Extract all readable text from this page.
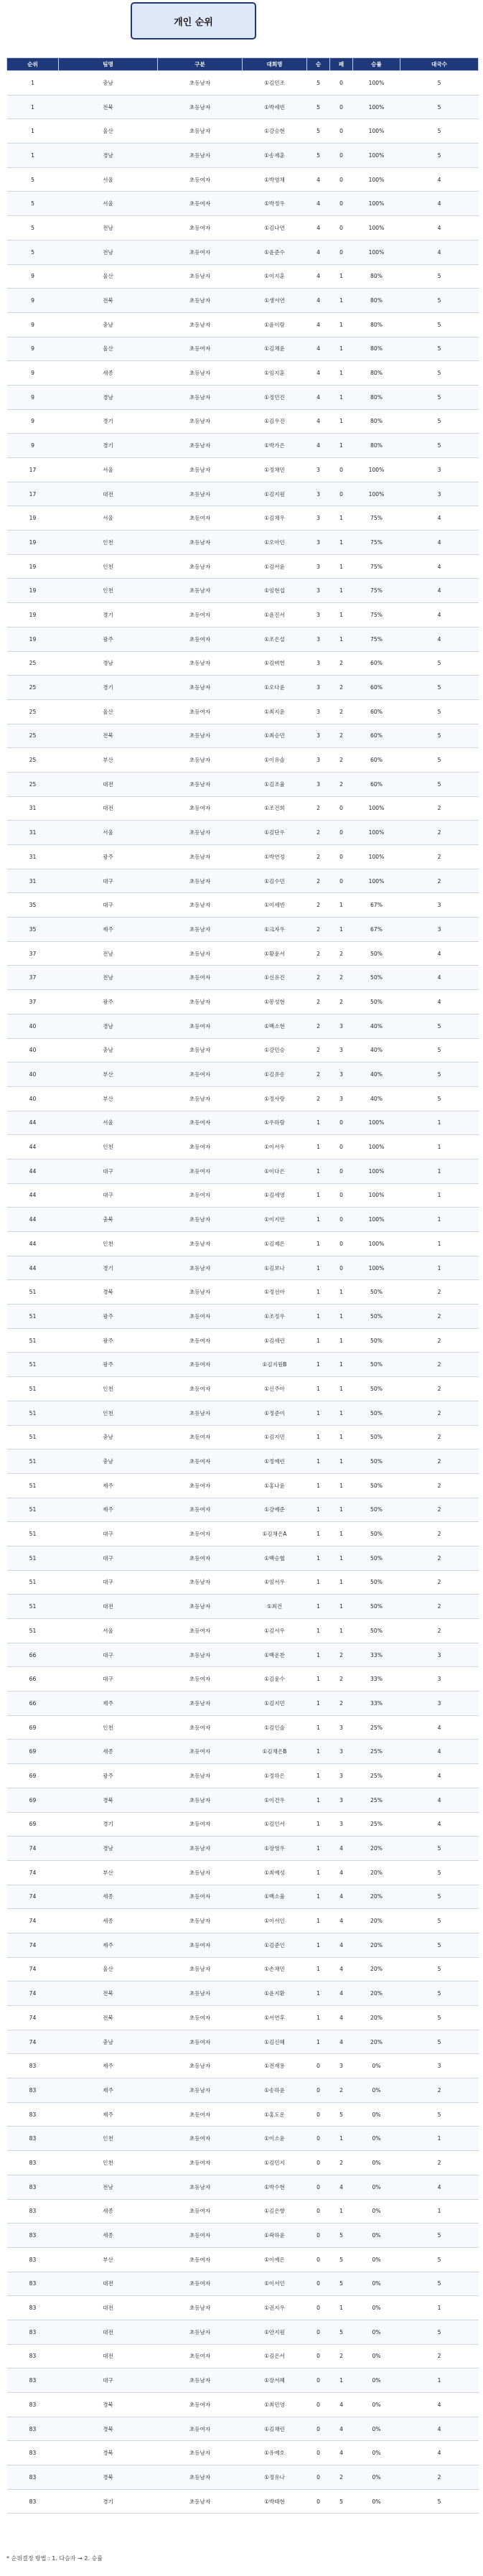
개인 순위
순위	팀명	구분	대회명	승	패	승률	대국수
1	충남	초등남자	①김민조	5	0	100%	5
1	전북	초등남자	①박세빈	5	0	100%	5
1	울산	초등남자	①강승현	5	0	100%	5
1	경남	초등남자	①송재훈	5	0	100%	5
5	서울	초등여자	①박영채	4	0	100%	4
5	서울	초등여자	①박정우	4	0	100%	4
5	전남	초등여자	①김나연	4	0	100%	4
5	전남	초등여자	①윤준수	4	0	100%	4
9	울산	초등남자	①이지훈	4	1	80%	5
9	전북	초등남자	①생서연	4	1	80%	5
9	충남	초등남자	①윤이람	4	1	80%	5
9	울산	초등여자	①김채윤	4	1	80%	5
9	세종	초등남자	①임지훈	4	1	80%	5
9	경남	초등남자	①정민진	4	1	80%	5
9	경기	초등남자	①김우진	4	1	80%	5
9	경기	초등남자	①박가은	4	1	80%	5
17	서울	초등남자	①정채민	3	0	100%	3
17	대전	초등남자	①김지원	3	0	100%	3
19	서울	초등여자	①김채우	3	1	75%	4
19	인천	초등남자	①오아인	3	1	75%	4
19	인천	초등남자	①김서윤	3	1	75%	4
19	인천	초등남자	①임현섭	3	1	75%	4
19	경기	초등여자	①윤진서	3	1	75%	4
19	광주	초등여자	①조은설	3	1	75%	4
25	경남	초등남자	①김벼헌	3	2	60%	5
25	경기	초등남자	①오다윤	3	2	60%	5
25	울산	초등여자	①최지윤	3	2	60%	5
25	전북	초등남자	①최승민	3	2	60%	5
25	부산	초등남자	①이유솔	3	2	60%	5
25	대전	초등남자	①김조율	3	2	60%	5
31	대전	초등여자	①조건희	2	0	100%	2
31	서울	초등남자	①김단우	2	0	100%	2
31	광주	초등남자	①박연정	2	0	100%	2
31	대구	초등남자	①김수민	2	0	100%	2
35	대구	초등남자	①이세빈	2	1	67%	3
35	제주	초등남자	①크자우	2	1	67%	3
37	전남	초등남자	①황윤서	2	2	50%	4
37	전남	초등여자	①신유진	2	2	50%	4
37	광주	초등남자	①봉성현	2	2	50%	4
40	경남	초등여자	①백소현	2	3	40%	5
40	충남	초등남자	①강민승	2	3	40%	5
40	부산	초등여자	①김유송	2	3	40%	5
40	부산	초등남자	①정사랑	2	3	40%	5
44	서울	초등여자	①우하람	1	0	100%	1
44	인천	초등여자	①이서우	1	0	100%	1
44	대구	초등여자	①이다은	1	0	100%	1
44	대구	초등여자	①김세영	1	0	100%	1
44	충북	초등남자	①이지안	1	0	100%	1
44	인천	초등남자	①김재은	1	0	100%	1
44	경기	초등남자	①김보나	1	0	100%	1
51	경북	초등남자	①정선아	1	1	50%	2
51	광주	초등여자	①조정우	1	1	50%	2
51	광주	초등여자	①김세린	1	1	50%	2
51	광주	초등여자	①김지원B	1	1	50%	2
51	인천	초등여자	①신주아	1	1	50%	2
51	인천	초등남자	①정준이	1	1	50%	2
51	충남	초등여자	①김지민	1	1	50%	2
51	충남	초등여자	①정예린	1	1	50%	2
51	제주	초등여자	①홍나윤	1	1	50%	2
51	제주	초등여자	①강예준	1	1	50%	2
51	대구	초등여자	①김채은A	1	1	50%	2
51	대구	초등여자	①백승협	1	1	50%	2
51	대구	초등남자	①임서우	1	1	50%	2
51	대전	초등남자	①최건	1	1	50%	2
51	서울	초등여자	①김서우	1	1	50%	2
66	대구	초등남자	①백운찬	1	2	33%	3
66	대구	초등여자	①김윤수	1	2	33%	3
66	제주	초등남자	①김지민	1	2	33%	3
69	인천	초등여자	①김인솔	1	3	25%	4
69	세종	초등여자	①김채은B	1	3	25%	4
69	광주	초등남자	①정하은	1	3	25%	4
69	경북	초등남자	①이건우	1	3	25%	4
69	경기	초등여자	①김인서	1	3	25%	4
74	경남	초등남자	①장영우	1	4	20%	5
74	부산	초등남자	①최예성	1	4	20%	5
74	세종	초등여자	①백소율	1	4	20%	5
74	세종	초등남자	①이서인	1	4	20%	5
74	제주	초등여자	①김준인	1	4	20%	5
74	울산	초등남자	①손채민	1	4	20%	5
74	전북	초등남자	①윤지환	1	4	20%	5
74	전북	초등여자	①서연후	1	4	20%	5
74	충남	초등여자	①김신혜	1	4	20%	5
83	제주	초등남자	①전재용	0	3	0%	3
83	제주	초등남자	①송하윤	0	2	0%	2
83	제주	초등여자	①홍도운	0	5	0%	5
83	인천	초등여자	①이소윤	0	1	0%	1
83	인천	초등여자	①김민지	0	2	0%	2
83	전남	초등남자	①박수현	0	4	0%	4
83	세종	초등여자	①김은향	0	1	0%	1
83	세종	초등여자	①곽하윤	0	5	0%	5
83	부산	초등여자	①이예은	0	5	0%	5
83	대전	초등여자	①이서인	0	5	0%	5
83	대전	초등남자	①권지우	0	1	0%	1
83	대전	초등남자	①안지원	0	5	0%	5
83	대전	초등여자	①김은서	0	2	0%	2
83	대구	초등남자	①장서혜	0	1	0%	1
83	경북	초등여자	①최민영	0	4	0%	4
83	경북	초등여자	①김채린	0	4	0%	4
83	경북	초등남자	①유예호	0	4	0%	4
83	경북	초등남자	①정유나	0	2	0%	2
83	경기	초등남자	①박태현	0	5	0%	5
* 순위결정 방법 : 1. 다승자 → 2. 승률
